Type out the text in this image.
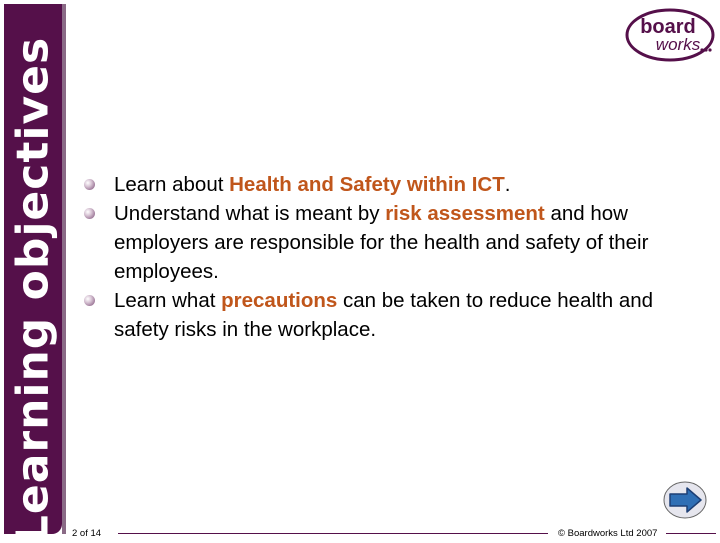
Learning objectives
board
works
Learn about Health and Safety within ICT.
Understand what is meant by risk assessment and how employers are responsible for the health and safety of their employees.
Learn what precautions can be taken to reduce health and safety risks in the workplace.
2 of 14	© Boardworks Ltd 2007
